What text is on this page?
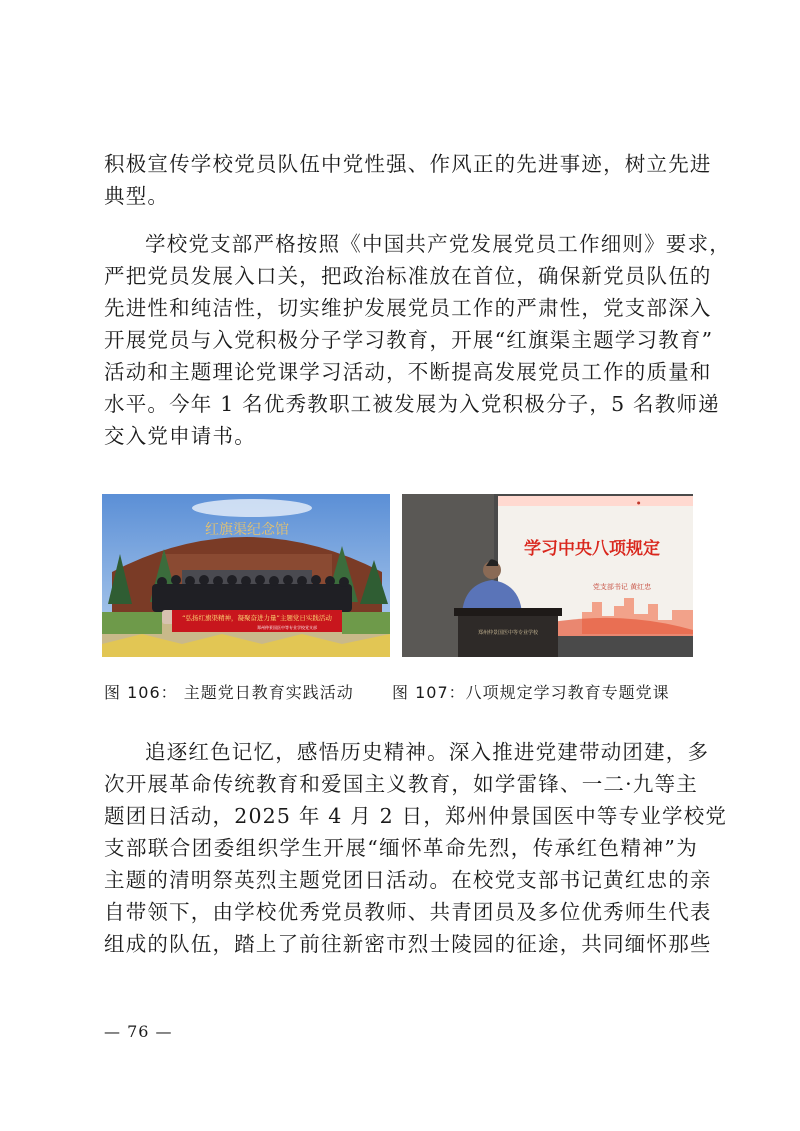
积极宣传学校党员队伍中党性强、作风正的先进事迹，树立先进
典型。
学校党支部严格按照《中国共产党发展党员工作细则》要求，
严把党员发展入口关，把政治标准放在首位，确保新党员队伍的
先进性和纯洁性，切实维护发展党员工作的严肃性，党支部深入
开展党员与入党积极分子学习教育，开展“红旗渠主题学习教育”
活动和主题理论党课学习活动，不断提高发展党员工作的质量和
水平。今年 1 名优秀教职工被发展为入党积极分子，5 名教师递
交入党申请书。
红旗渠纪念馆
“弘扬红旗渠精神，凝聚奋进力量”主题党日实践活动
郑州仲景国医中等专业学校党支部
●
学习中央八项规定
党支部书记 黄红忠
郑州仲景国医中等专业学校
图 106： 主题党日教育实践活动 图 107：八项规定学习教育专题党课
追逐红色记忆，感悟历史精神。深入推进党建带动团建，多
次开展革命传统教育和爱国主义教育，如学雷锋、一二·九等主
题团日活动，2025 年 4 月 2 日，郑州仲景国医中等专业学校党
支部联合团委组织学生开展“缅怀革命先烈，传承红色精神”为
主题的清明祭英烈主题党团日活动。在校党支部书记黄红忠的亲
自带领下，由学校优秀党员教师、共青团员及多位优秀师生代表
组成的队伍，踏上了前往新密市烈士陵园的征途，共同缅怀那些
— 76 —
